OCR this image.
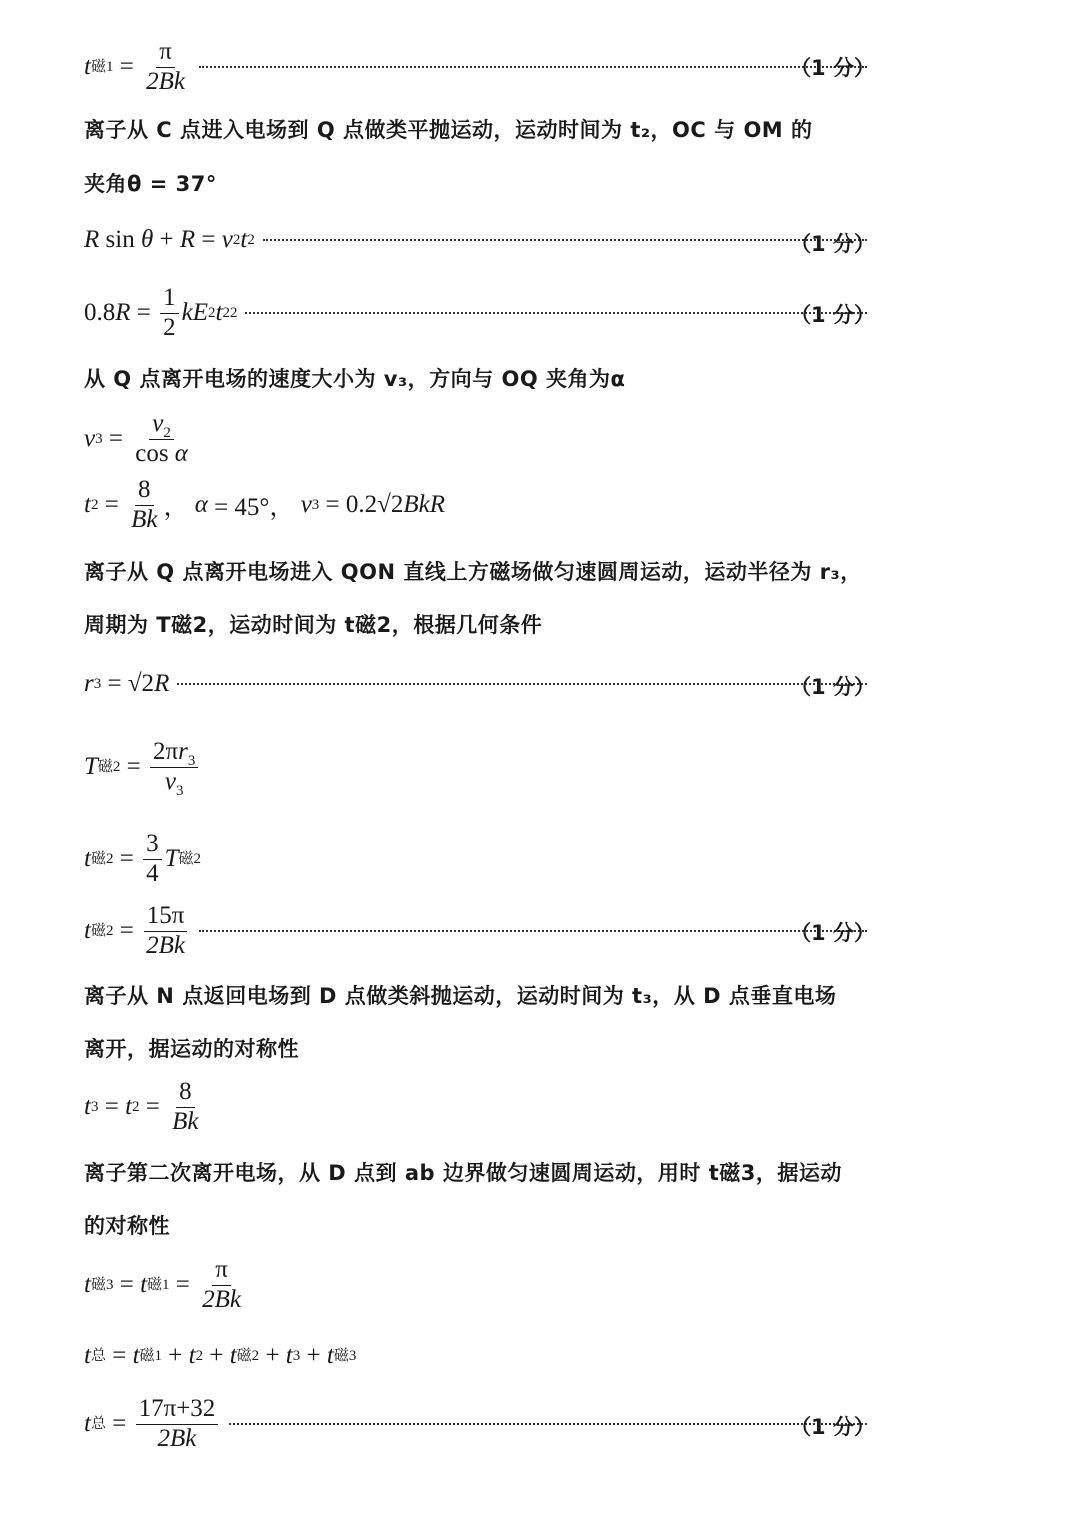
t 磁$1 = \frac{\pi}{2Bk}$	（1 分）
离子从 C 点进入电场到 Q 点做类平抛运动，运动时间为 t₂，OC 与 OM 的
夹角θ = 37°
R sin θ + R = v 2 t 2	（1 分）
0.8 $R = \frac{1}{2}$ kE 2 t 2 2	（1 分）
从 Q 点离开电场的速度大小为 v₃，方向与 OQ 夹角为α
v $3 = \frac{v_2}{\text{cos α}}$
t $2 = \frac{8}{Bk}$ ， α = 45°， v 3 = 0.2√2 BkR
离子从 Q 点离开电场进入 QON 直线上方磁场做匀速圆周运动，运动半径为 r₃，
周期为 T磁2，运动时间为 t磁2，根据几何条件
r 3 = √2 R	（1 分）
T 磁$2 = \frac{2\pi r_3}{v_3}$
t 磁$2 = \frac{3}{4}$ T 磁2
t 磁$2 = \frac{15\pi}{2Bk}$	（1 分）
离子从 N 点返回电场到 D 点做类斜抛运动，运动时间为 t₃，从 D 点垂直电场
离开，据运动的对称性
t 3 = t $2 = \frac{8}{Bk}$
离子第二次离开电场，从 D 点到 ab 边界做匀速圆周运动，用时 t磁3，据运动
的对称性
t 磁3 = t 磁$1 = \frac{\pi}{2Bk}$
t 总 = t 磁1 + t 2 + t 磁2 + t 3 + t 磁3
t 总 = $\frac{17\pi+32}{2Bk}$	（1 分）
